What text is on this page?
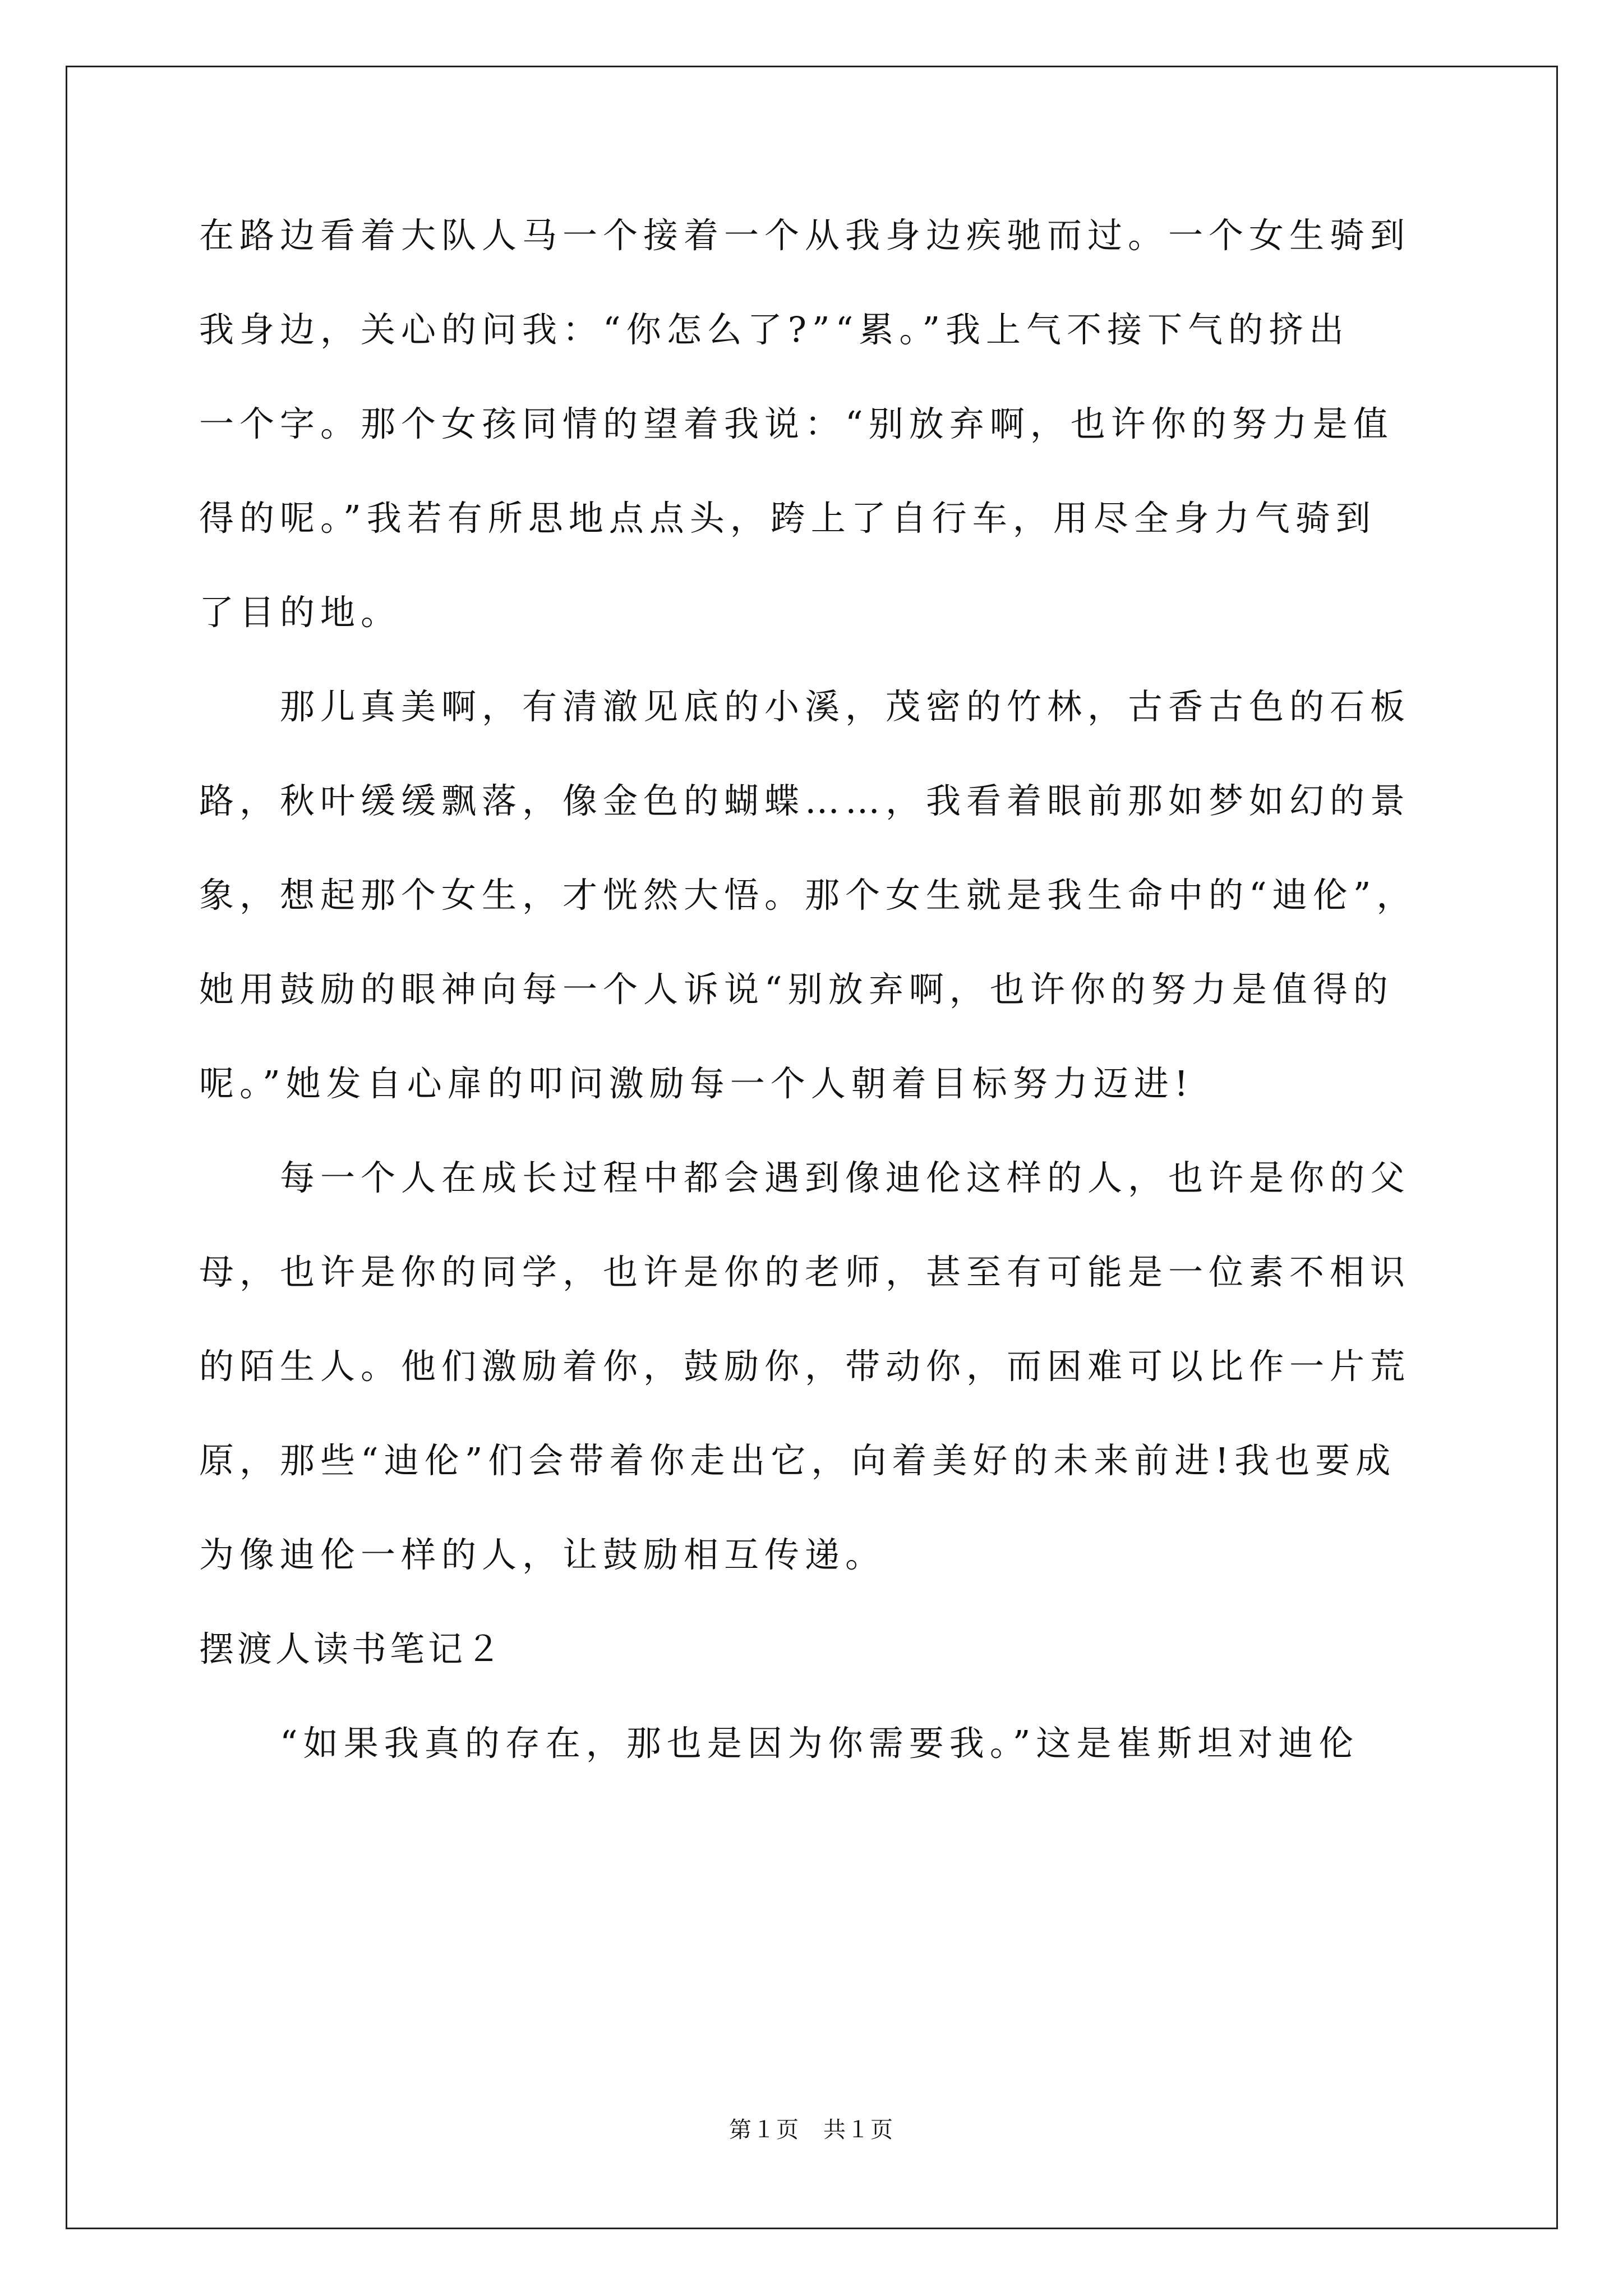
在路边看着大队人马一个接着一个从我身边疾驰而过。一个女生骑到
我身边，关心的问我：“你怎么了?”“累。”我上气不接下气的挤出
一个字。那个女孩同情的望着我说：“别放弃啊，也许你的努力是值
得的呢。”我若有所思地点点头，跨上了自行车，用尽全身力气骑到
了目的地。
　　那儿真美啊，有清澈见底的小溪，茂密的竹林，古香古色的石板
路，秋叶缓缓飘落，像金色的蝴蝶……，我看着眼前那如梦如幻的景
象，想起那个女生，才恍然大悟。那个女生就是我生命中的“迪伦”，
她用鼓励的眼神向每一个人诉说“别放弃啊，也许你的努力是值得的
呢。”她发自心扉的叩问激励每一个人朝着目标努力迈进!
　　每一个人在成长过程中都会遇到像迪伦这样的人，也许是你的父
母，也许是你的同学，也许是你的老师，甚至有可能是一位素不相识
的陌生人。他们激励着你，鼓励你，带动你，而困难可以比作一片荒
原，那些“迪伦”们会带着你走出它，向着美好的未来前进!我也要成
为像迪伦一样的人，让鼓励相互传递。
摆渡人读书笔记２
　　“如果我真的存在，那也是因为你需要我。”这是崔斯坦对迪伦
第１页　共１页
